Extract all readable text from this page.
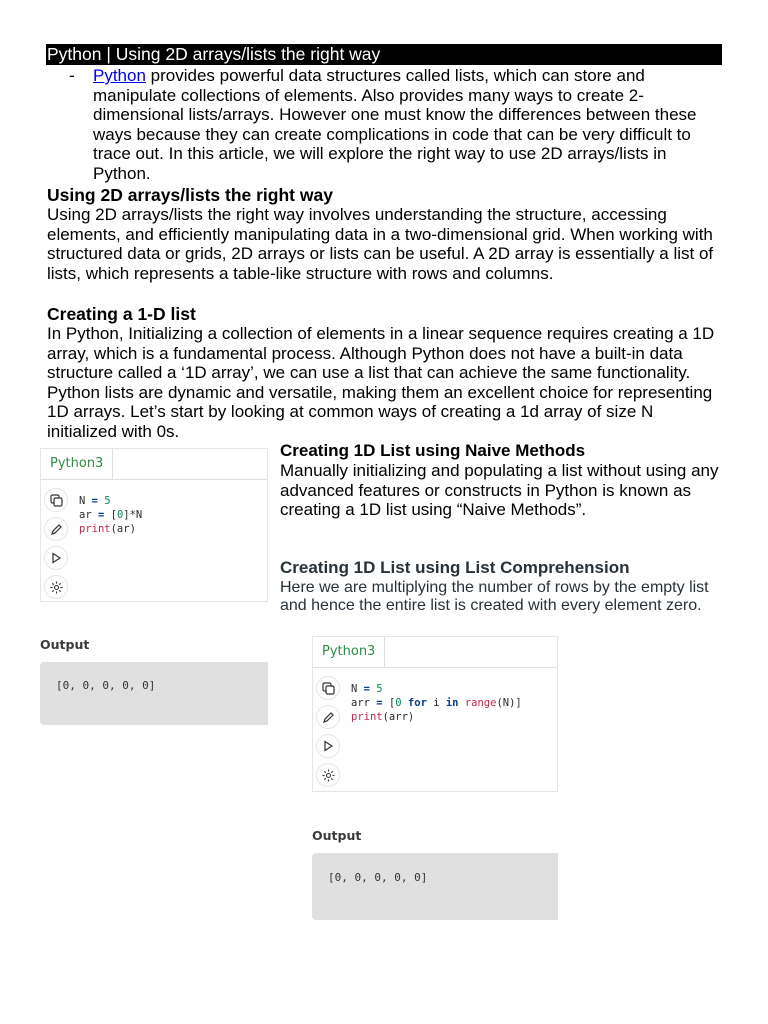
Python | Using 2D arrays/lists the right way
- Python provides powerful data structures called lists, which can store and manipulate collections of elements. Also provides many ways to create 2-dimensional lists/arrays. However one must know the differences between these ways because they can create complications in code that can be very difficult to trace out. In this article, we will explore the right way to use 2D arrays/lists in Python.

Using 2D arrays/lists the right way

Using 2D arrays/lists the right way involves understanding the structure, accessing elements, and efficiently manipulating data in a two-dimensional grid. When working with structured data or grids, 2D arrays or lists can be useful. A 2D array is essentially a list of lists, which represents a table-like structure with rows and columns.

Creating a 1-D list

In Python, Initializing a collection of elements in a linear sequence requires creating a 1D array, which is a fundamental process. Although Python does not have a built-in data structure called a ‘1D array’, we can use a list that can achieve the same functionality. Python lists are dynamic and versatile, making them an excellent choice for representing 1D arrays. Let’s start by looking at common ways of creating a 1d array of size N initialized with 0s.

Creating 1D List using Naive Methods

Manually initializing and populating a list without using any advanced features or constructs in Python is known as creating a 1D list using “Naive Methods”.

Creating 1D List using List Comprehension

Here we are multiplying the number of rows by the empty list and hence the entire list is created with every element zero.

Python3
N = 5
ar = [0]*N
print(ar)
Output
[0, 0, 0, 0, 0]
Python3
N = 5
arr = [0 for i in range(N)]
print(arr)
Output
[0, 0, 0, 0, 0]
